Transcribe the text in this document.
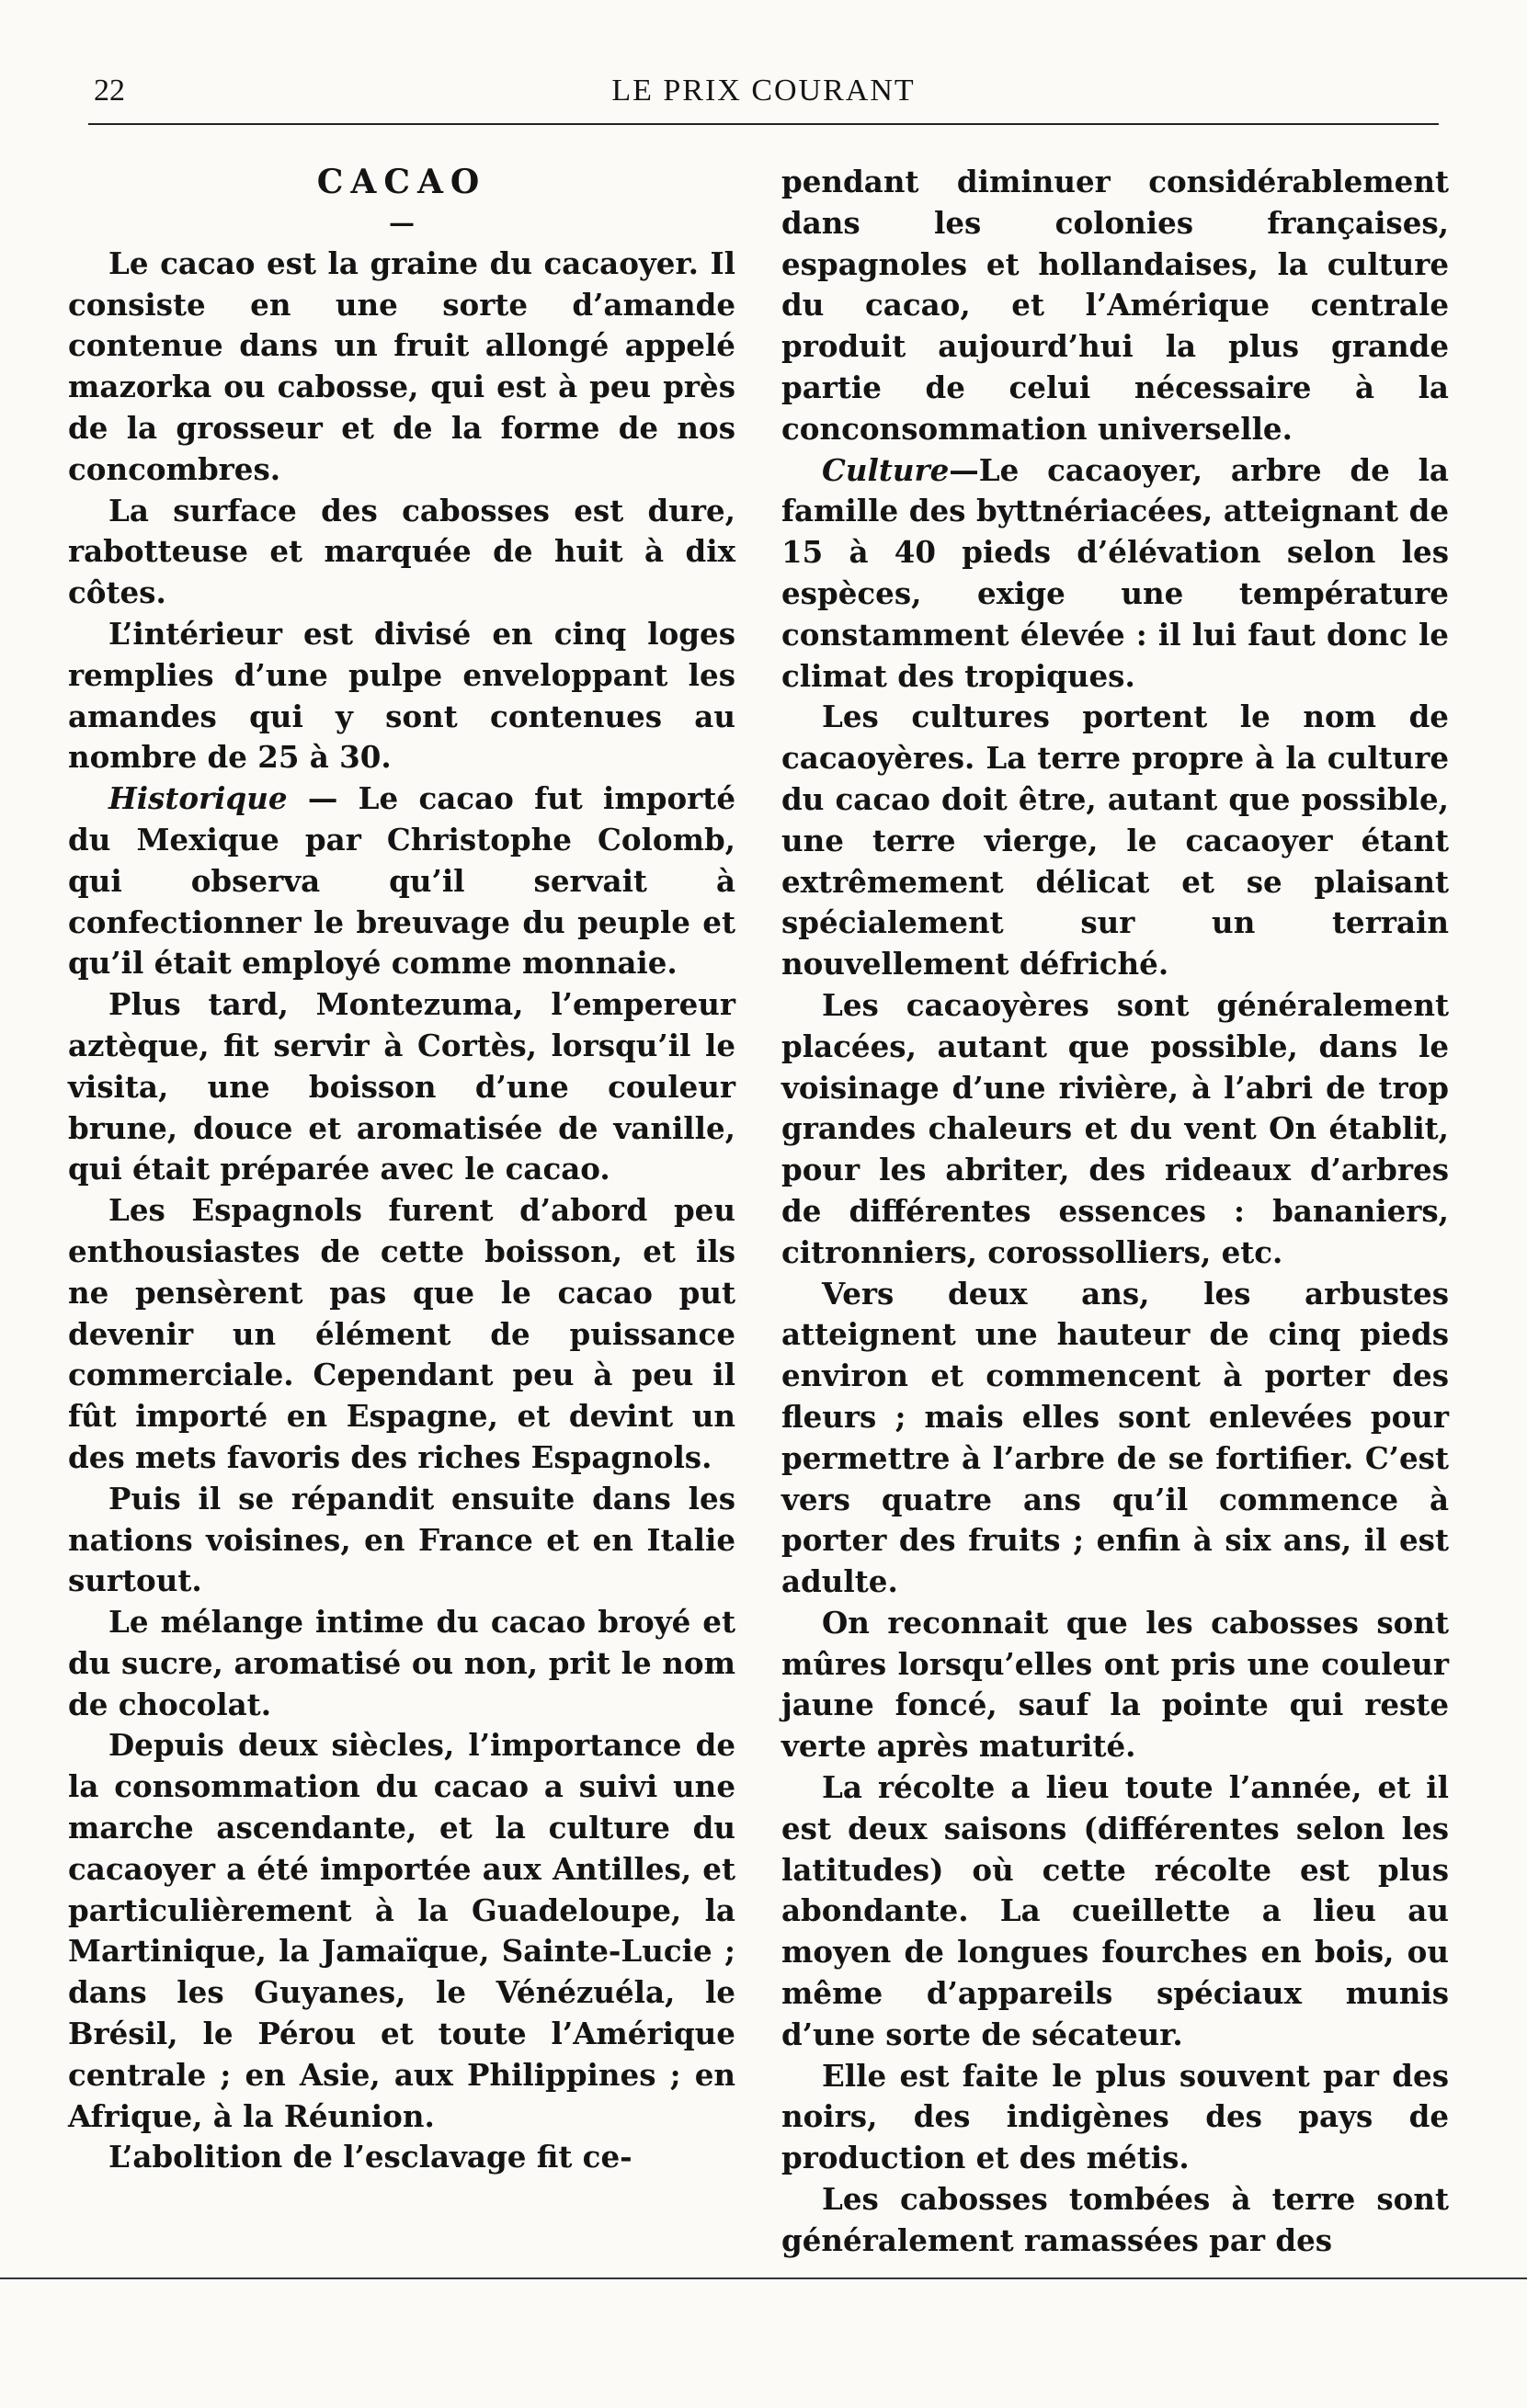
22	LE PRIX COURANT
CACAO
—

Le cacao est la graine du cacaoyer. Il consiste en une sorte d’amande contenue dans un fruit allongé appelé mazorka ou cabosse, qui est à peu près de la grosseur et de la forme de nos concombres.

La surface des cabosses est dure, rabotteuse et marquée de huit à dix côtes.

L’intérieur est divisé en cinq loges remplies d’une pulpe enveloppant les amandes qui y sont contenues au nombre de 25 à 30.

Historique — Le cacao fut importé du Mexique par Christophe Colomb, qui observa qu’il servait à confectionner le breuvage du peuple et qu’il était employé comme monnaie.

Plus tard, Montezuma, l’empereur aztèque, fit servir à Cortès, lorsqu’il le visita, une boisson d’une couleur brune, douce et aromatisée de vanille, qui était préparée avec le cacao.

Les Espagnols furent d’abord peu enthousiastes de cette boisson, et ils ne pensèrent pas que le cacao put devenir un élément de puissance commerciale. Cependant peu à peu il fût importé en Espagne, et devint un des mets favoris des riches Espagnols.

Puis il se répandit ensuite dans les nations voisines, en France et en Italie surtout.

Le mélange intime du cacao broyé et du sucre, aromatisé ou non, prit le nom de chocolat.

Depuis deux siècles, l’importance de la consommation du cacao a suivi une marche ascendante, et la culture du cacaoyer a été importée aux Antilles, et particulièrement à la Guadeloupe, la Martinique, la Jamaïque, Sainte-Lucie ; dans les Guyanes, le Vénézuéla, le Brésil, le Pérou et toute l’Amérique centrale ; en Asie, aux Philippines ; en Afrique, à la Réunion.

L’abolition de l’esclavage fit ce-

pendant diminuer considérablement dans les colonies françaises, espagnoles et hollandaises, la culture du cacao, et l’Amérique centrale produit aujourd’hui la plus grande partie de celui nécessaire à la conconsommation universelle.

Culture—Le cacaoyer, arbre de la famille des byttnériacées, atteignant de 15 à 40 pieds d’élévation selon les espèces, exige une température constamment élevée : il lui faut donc le climat des tropiques.

Les cultures portent le nom de cacaoyères. La terre propre à la culture du cacao doit être, autant que possible, une terre vierge, le cacaoyer étant extrêmement délicat et se plaisant spécialement sur un terrain nouvellement défriché.

Les cacaoyères sont généralement placées, autant que possible, dans le voisinage d’une rivière, à l’abri de trop grandes chaleurs et du vent On établit, pour les abriter, des rideaux d’arbres de différentes essences : bananiers, citronniers, corossolliers, etc.

Vers deux ans, les arbustes atteignent une hauteur de cinq pieds environ et commencent à porter des fleurs ; mais elles sont enlevées pour permettre à l’arbre de se fortifier. C’est vers quatre ans qu’il commence à porter des fruits ; enfin à six ans, il est adulte.

On reconnait que les cabosses sont mûres lorsqu’elles ont pris une couleur jaune foncé, sauf la pointe qui reste verte après maturité.

La récolte a lieu toute l’année, et il est deux saisons (différentes selon les latitudes) où cette récolte est plus abondante. La cueillette a lieu au moyen de longues fourches en bois, ou même d’appareils spéciaux munis d’une sorte de sécateur.

Elle est faite le plus souvent par des noirs, des indigènes des pays de production et des métis.

Les cabosses tombées à terre sont généralement ramassées par des
